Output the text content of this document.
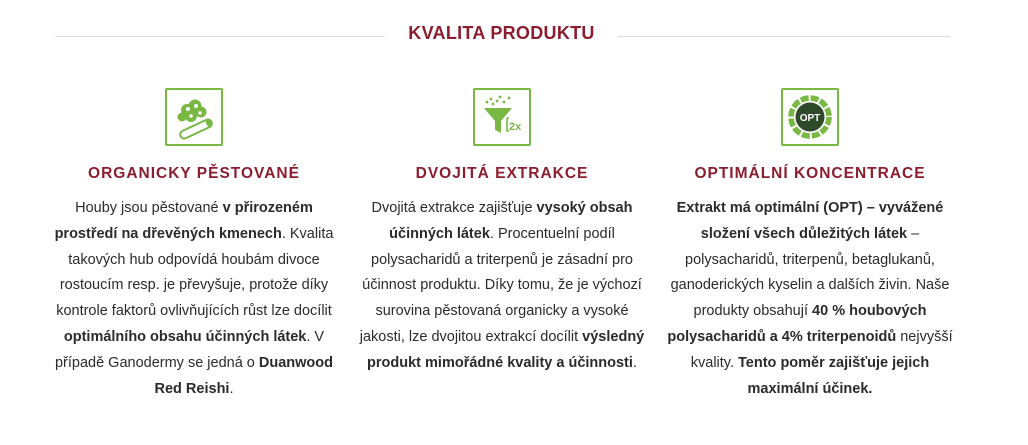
KVALITA PRODUKTU
ORGANICKY PĚSTOVANÉ
Houby jsou pěstované v přirozeném prostředí na dřevěných kmenech. Kvalita takových hub odpovídá houbám divoce rostoucím resp. je převyšuje, protože díky kontrole faktorů ovlivňujících růst lze docílit optimálního obsahu účinných látek. V případě Ganodermy se jedná o Duanwood Red Reishi.
2x
DVOJITÁ EXTRAKCE
Dvojitá extrakce zajišťuje vysoký obsah účinných látek. Procentuelní podíl polysacharidů a triterpenů je zásadní pro účinnost produktu. Díky tomu, že je výchozí surovina pěstovaná organicky a vysoké jakosti, lze dvojitou extrakcí docílit výsledný produkt mimořádné kvality a účinnosti.
OPT
OPTIMÁLNÍ KONCENTRACE
Extrakt má optimální (OPT) – vyvážené složení všech důležitých látek – polysacharidů, triterpenů, betaglukanů, ganoderických kyselin a dalších živin. Naše produkty obsahují 40 % houbových polysacharidů a 4% triterpenoidů nejvyšší kvality. Tento poměr zajišťuje jejich maximální účinek.
